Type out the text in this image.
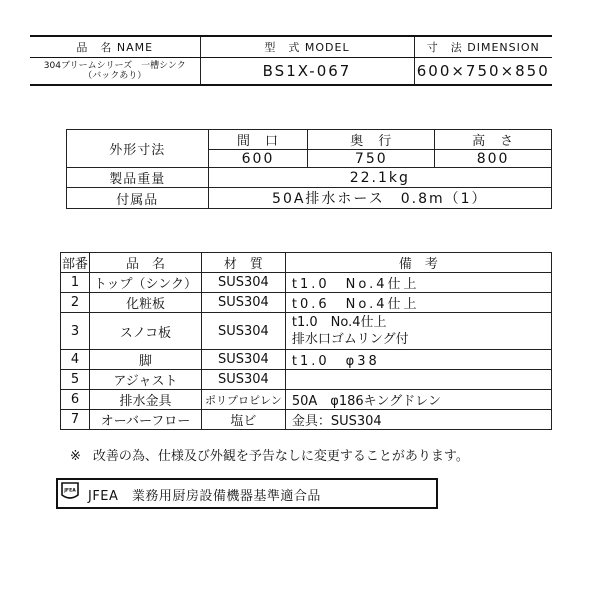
品　名 NAME	型　式 MODEL	寸　法 DIMENSION

304ブリームシリーズ　一槽シンク
（バックあり）	BS1X-067	600×750×850
外形寸法	間　口	奥　行	高　さ
	600	750	800
製品重量	22.1kg		
付属品	50A排水ホース　0.8m（1）		
部番	品　名	材　質	備　考
1	トップ（シンク）	SUS304	t1.0　No.4仕上
2	化粧板	SUS304	t0.6　No.4仕上
3	スノコ板	SUS304	t1.0　No.4仕上
排水口ゴムリング付

4	脚	SUS304	t1.0　φ38
5	アジャスト	SUS304	
6	排水金具	ポリプロピレン	50A　φ186キングドレン
7	オーバーフロー	塩ビ	金具：SUS304
※ 改善の為、仕様及び外観を予告なしに変更することがあります。
JFEA JFEA　業務用厨房設備機器基準適合品
